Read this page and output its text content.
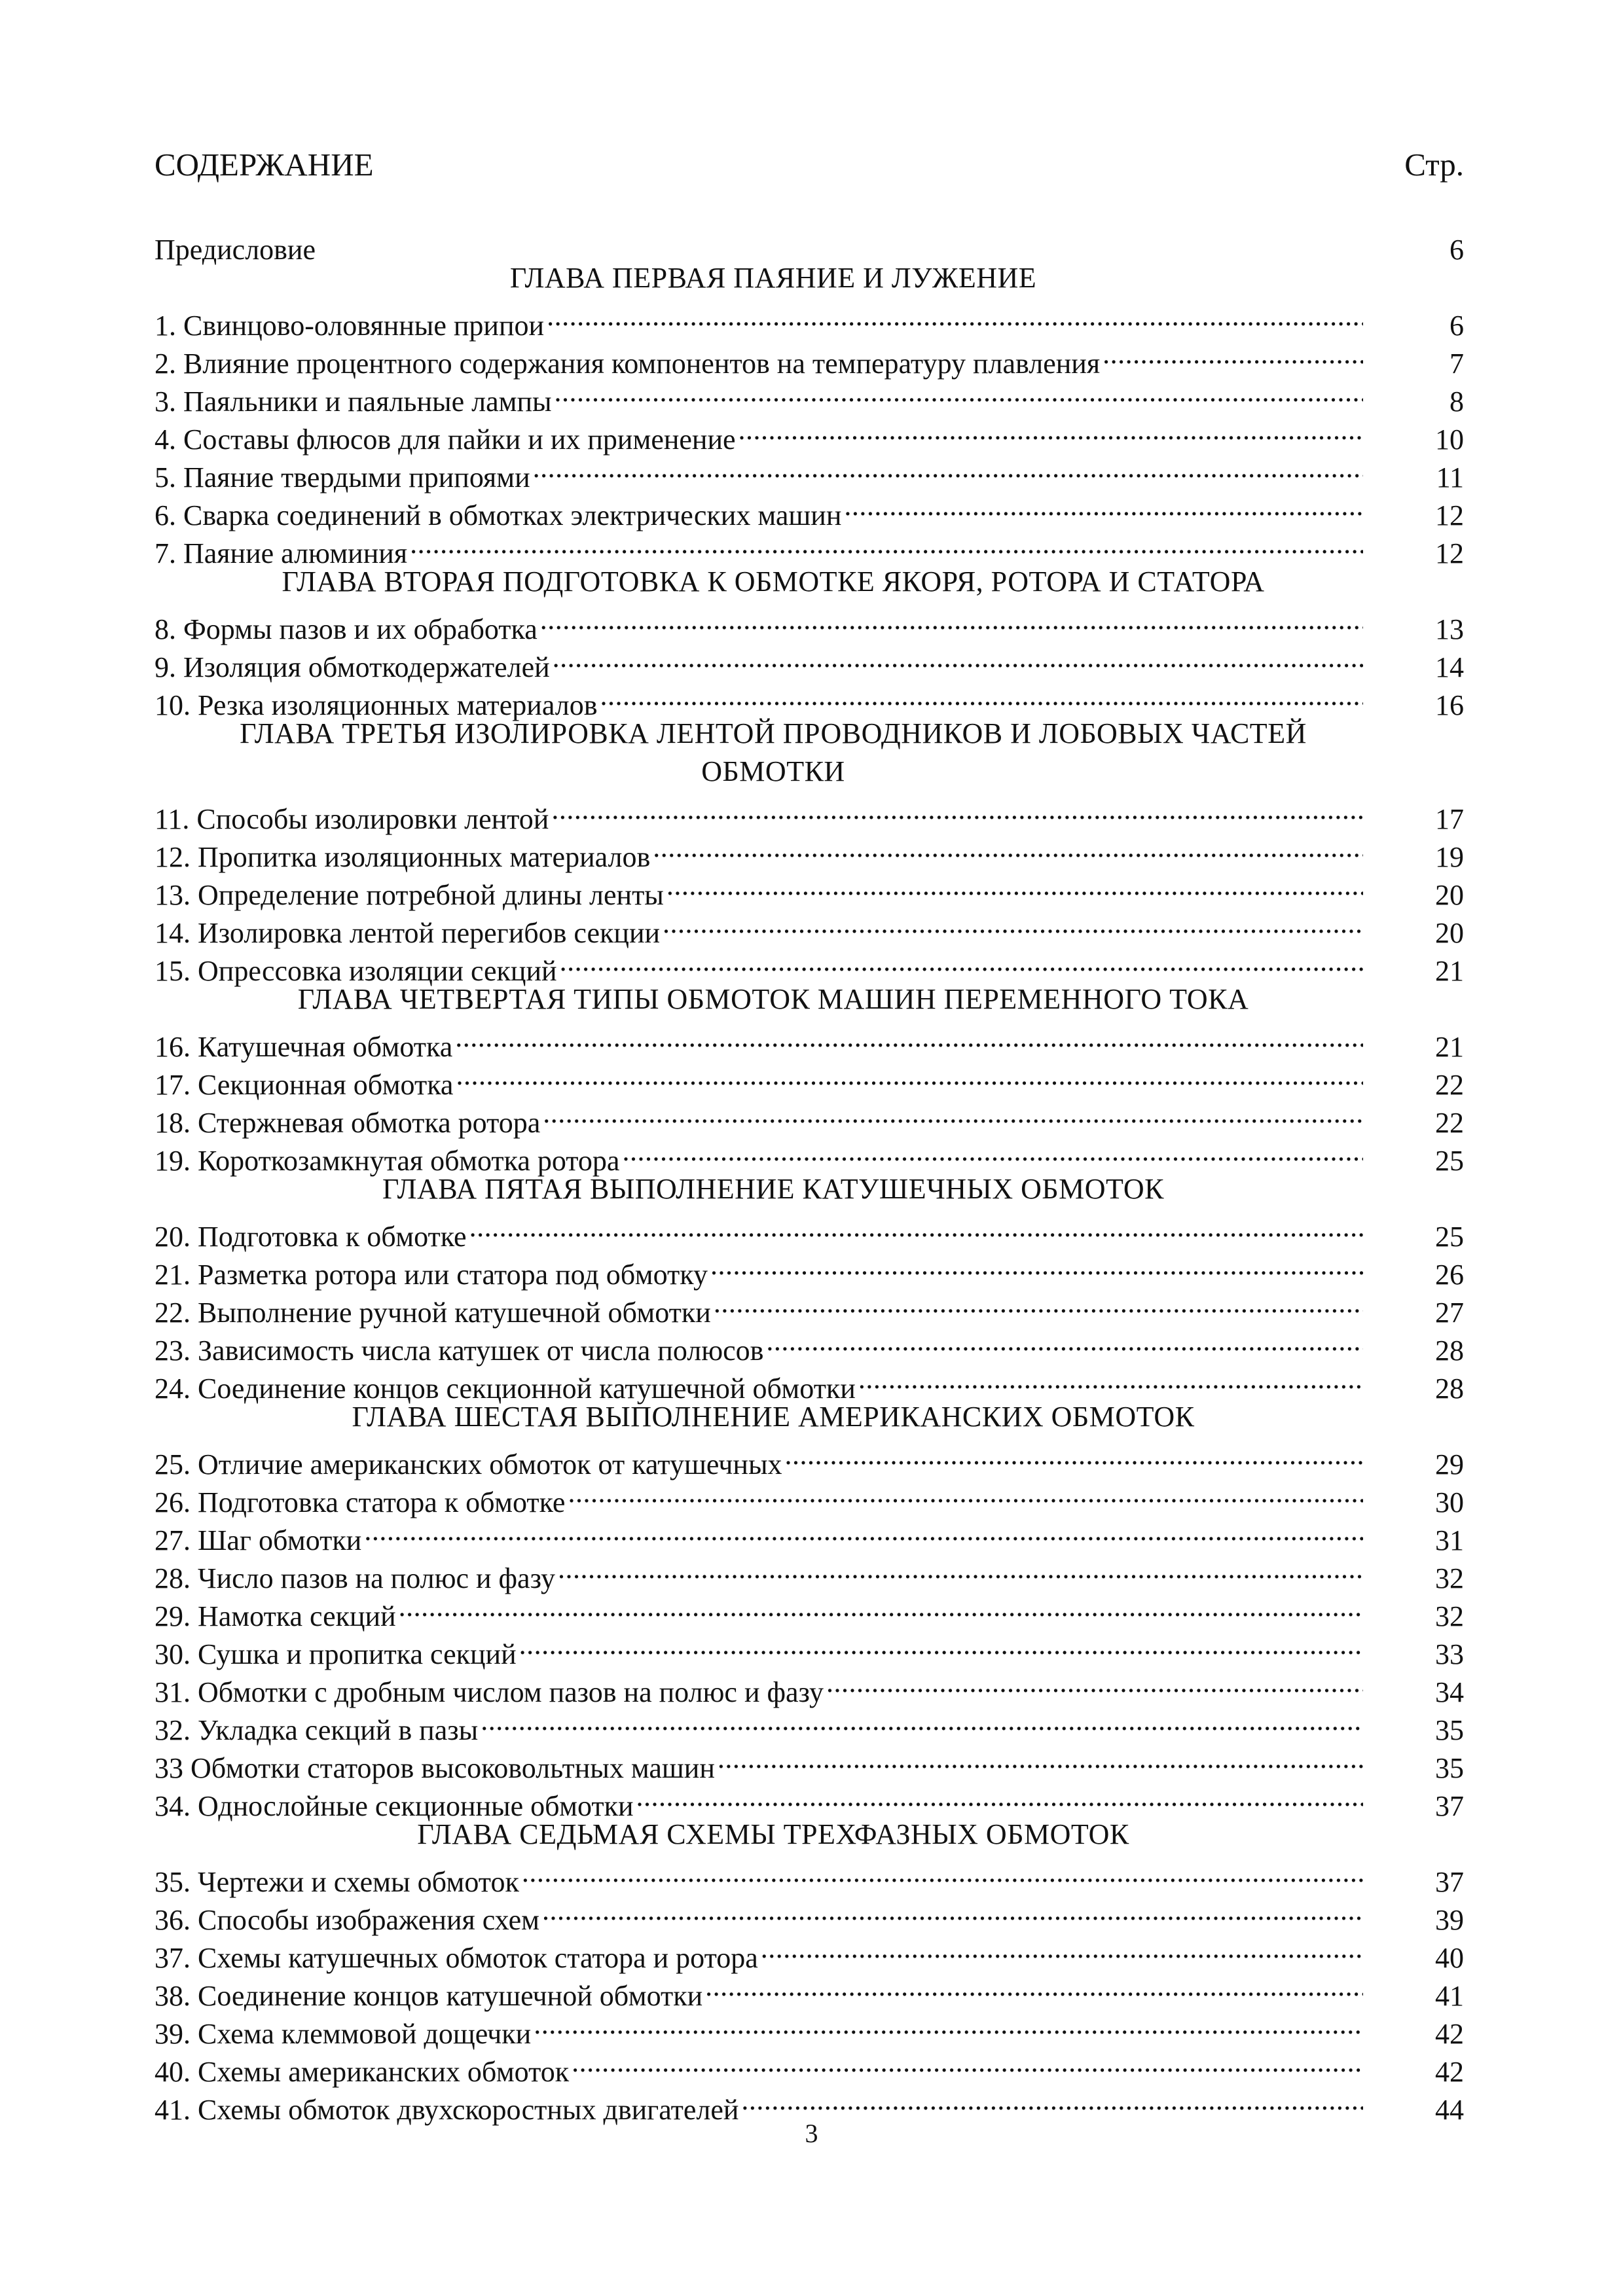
СОДЕРЖАНИЕ	Стр.
Предисловие	6
ГЛАВА ПЕРВАЯ ПАЯНИЕ И ЛУЖЕНИЕ
1. Свинцово-оловянные припои .....	6
2. Влияние процентного содержания компонентов на температуру плавления .....	7
3. Паяльники и паяльные лампы .....	8
4. Составы флюсов для пайки и их применение .....	10
5. Паяние твердыми припоями .....	11
6. Сварка соединений в обмотках электрических машин .....	12
7. Паяние алюминия .....	12
ГЛАВА ВТОРАЯ ПОДГОТОВКА К ОБМОТКЕ ЯКОРЯ, РОТОРА И СТАТОРА
8. Формы пазов и их обработка .....	13
9. Изоляция обмоткодержателей .....	14
10. Резка изоляционных материалов .....	16
ГЛАВА ТРЕТЬЯ ИЗОЛИРОВКА ЛЕНТОЙ ПРОВОДНИКОВ И ЛОБОВЫХ ЧАСТЕЙ
ОБМОТКИ
11. Способы изолировки лентой .....	17
12. Пропитка изоляционных материалов .....	19
13. Определение потребной длины ленты .....	20
14. Изолировка лентой перегибов секции .....	20
15. Опрессовка изоляции секций .....	21
ГЛАВА ЧЕТВЕРТАЯ ТИПЫ ОБМОТОК МАШИН ПЕРЕМЕННОГО ТОКА
16. Катушечная обмотка .....	21
17. Секционная обмотка .....	22
18. Стержневая обмотка ротора .....	22
19. Короткозамкнутая обмотка ротора .....	25
ГЛАВА ПЯТАЯ ВЫПОЛНЕНИЕ КАТУШЕЧНЫХ ОБМОТОК
20. Подготовка к обмотке .....	25
21. Разметка ротора или статора под обмотку .....	26
22. Выполнение ручной катушечной обмотки .....	27
23. Зависимость числа катушек от числа полюсов .....	28
24. Соединение концов секционной катушечной обмотки .....	28
ГЛАВА ШЕСТАЯ ВЫПОЛНЕНИЕ АМЕРИКАНСКИХ ОБМОТОК
25. Отличие американских обмоток от катушечных .....	29
26. Подготовка статора к обмотке .....	30
27. Шаг обмотки .....	31
28. Число пазов на полюс и фазу .....	32
29. Намотка секций .....	32
30. Сушка и пропитка секций .....	33
31. Обмотки с дробным числом пазов на полюс и фазу .....	34
32. Укладка секций в пазы .....	35
33 Обмотки статоров высоковольтных машин .....	35
34. Однослойные секционные обмотки .....	37
ГЛАВА СЕДЬМАЯ СХЕМЫ ТРЕХФАЗНЫХ ОБМОТОК
35. Чертежи и схемы обмоток .....	37
36. Способы изображения схем .....	39
37. Схемы катушечных обмоток статора и ротора .....	40
38. Соединение концов катушечной обмотки .....	41
39. Схема клеммовой дощечки .....	42
40. Схемы американских обмоток .....	42
41. Схемы обмоток двухскоростных двигателей .....	44
3
